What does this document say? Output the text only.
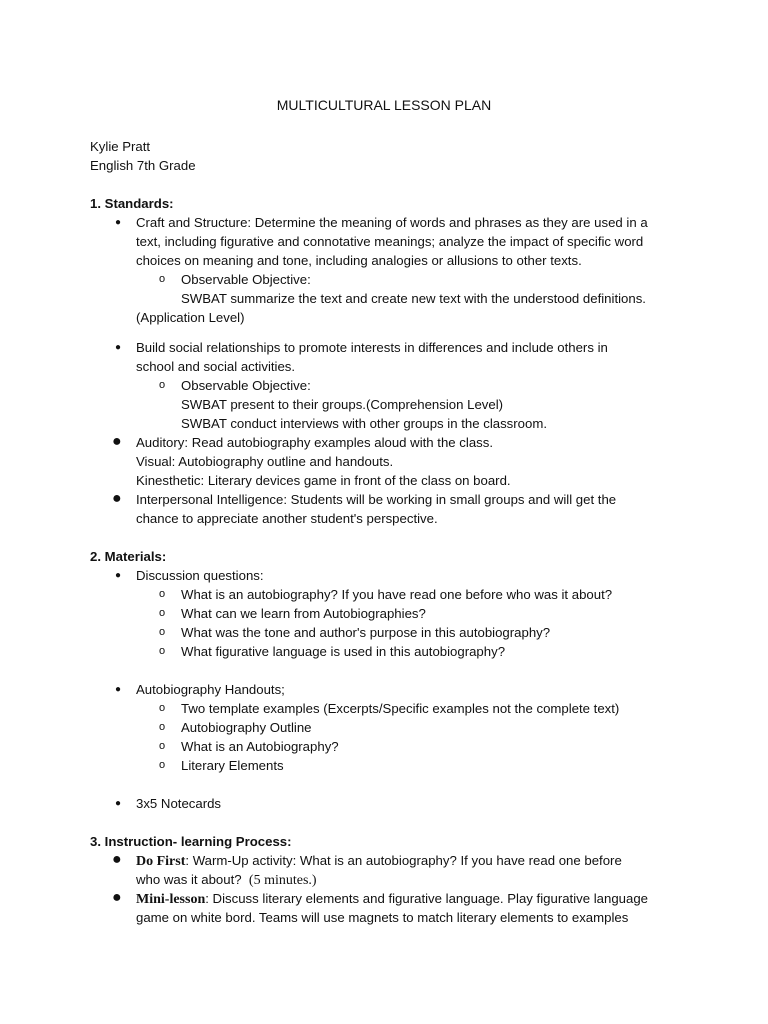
MULTICULTURAL LESSON PLAN
Kylie Pratt
English 7th Grade
1. Standards:
● Craft and Structure: Determine the meaning of words and phrases as they are used in a
text, including figurative and connotative meanings; analyze the impact of specific word
choices on meaning and tone, including analogies or allusions to other texts.
o Observable Objective:
SWBAT summarize the text and create new text with the understood definitions.
(Application Level)
● Build social relationships to promote interests in differences and include others in
school and social activities.
o Observable Objective:
SWBAT present to their groups.(Comprehension Level)
SWBAT conduct interviews with other groups in the classroom.
● Auditory: Read autobiography examples aloud with the class.
Visual: Autobiography outline and handouts.
Kinesthetic: Literary devices game in front of the class on board.
● Interpersonal Intelligence: Students will be working in small groups and will get the
chance to appreciate another student's perspective.
2. Materials:
● Discussion questions:
o What is an autobiography? If you have read one before who was it about?
o What can we learn from Autobiographies?
o What was the tone and author's purpose in this autobiography?
o What figurative language is used in this autobiography?
● Autobiography Handouts;
o Two template examples (Excerpts/Specific examples not the complete text)
o Autobiography Outline
o What is an Autobiography?
o Literary Elements
● 3x5 Notecards
3. Instruction- learning Process:
● Do First: Warm-Up activity: What is an autobiography? If you have read one before
who was it about? (5 minutes.)
● Mini-lesson: Discuss literary elements and figurative language. Play figurative language
game on white bord. Teams will use magnets to match literary elements to examples
